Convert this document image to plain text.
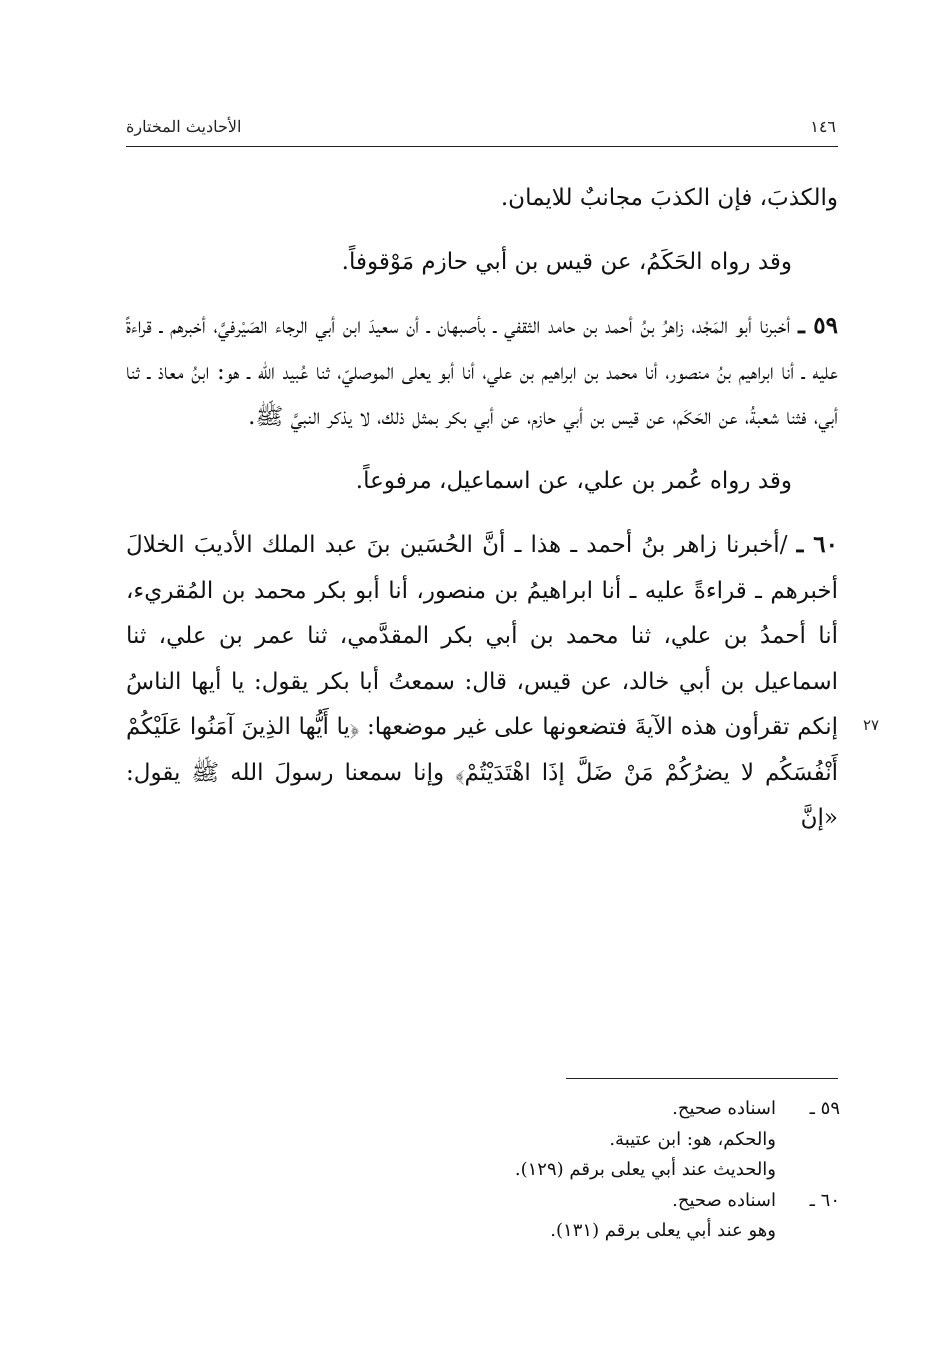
١٤٦
الأحاديث المختارة

والكذبَ، فإن الكذبَ مجانبٌ للايمان.

وقد رواه الحَكَمُ، عن قيس بن أبي حازم مَوْقوفاً.

٥٩ ـ أخبرنا أبو المَجْد، زاهرُ بنُ أحمد بن حامد الثقفي ـ بأصبهان ـ أن سعيدَ ابن أبي الرجاء الصَيْرفيَّ، أخبرهم ـ قراءةً عليه ـ أنا ابراهيم بنُ منصور، أنا محمد بن ابراهيم بن علي، أنا أبو يعلى الموصليّ، ثنا عُبيد الله ـ هو: ابنُ معاذ ـ ثنا أبي، فثنا شعبةُ، عن الحَكَم، عن قيس بن أبي حازم، عن أبي بكر بمثل ذلك، لا يذكر النبيَّ ﷺ.

وقد رواه عُمر بن علي، عن اسماعيل، مرفوعاً.

٦٠ ـ /أخبرنا زاهر بنُ أحمد ـ هذا ـ أنَّ الحُسَين بنَ عبد الملك الأديبَ الخلالَ أخبرهم ـ قراءةً عليه ـ أنا ابراهيمُ بن منصور، أنا أبو بكر محمد بن المُقريء، أنا أحمدُ بن علي، ثنا محمد بن أبي بكر المقدَّمي، ثنا عمر بن علي، ثنا اسماعيل بن أبي خالد، عن قيس، قال: سمعتُ أبا بكر يقول: يا أيها الناسُ إنكم تقرأون هذه الآيةَ فتضعونها على غير موضعها: ﴿يا أَيُّها الذِينَ آمَنُوا عَلَيْكُمْ أَنْفُسَكُم لا يضرُكُمْ مَنْ ضَلَّ إذَا اهْتَدَيْتُمْ﴾ وإنا سمعنا رسولَ الله ﷺ يقول: «إنَّ

٢٧
٥٩ ـ
اسناده صحيح.
والحكم، هو: ابن عتيبة.
والحديث عند أبي يعلى برقم (١٢٩).
٦٠ ـ
اسناده صحيح.
وهو عند أبي يعلى برقم (١٣١).
